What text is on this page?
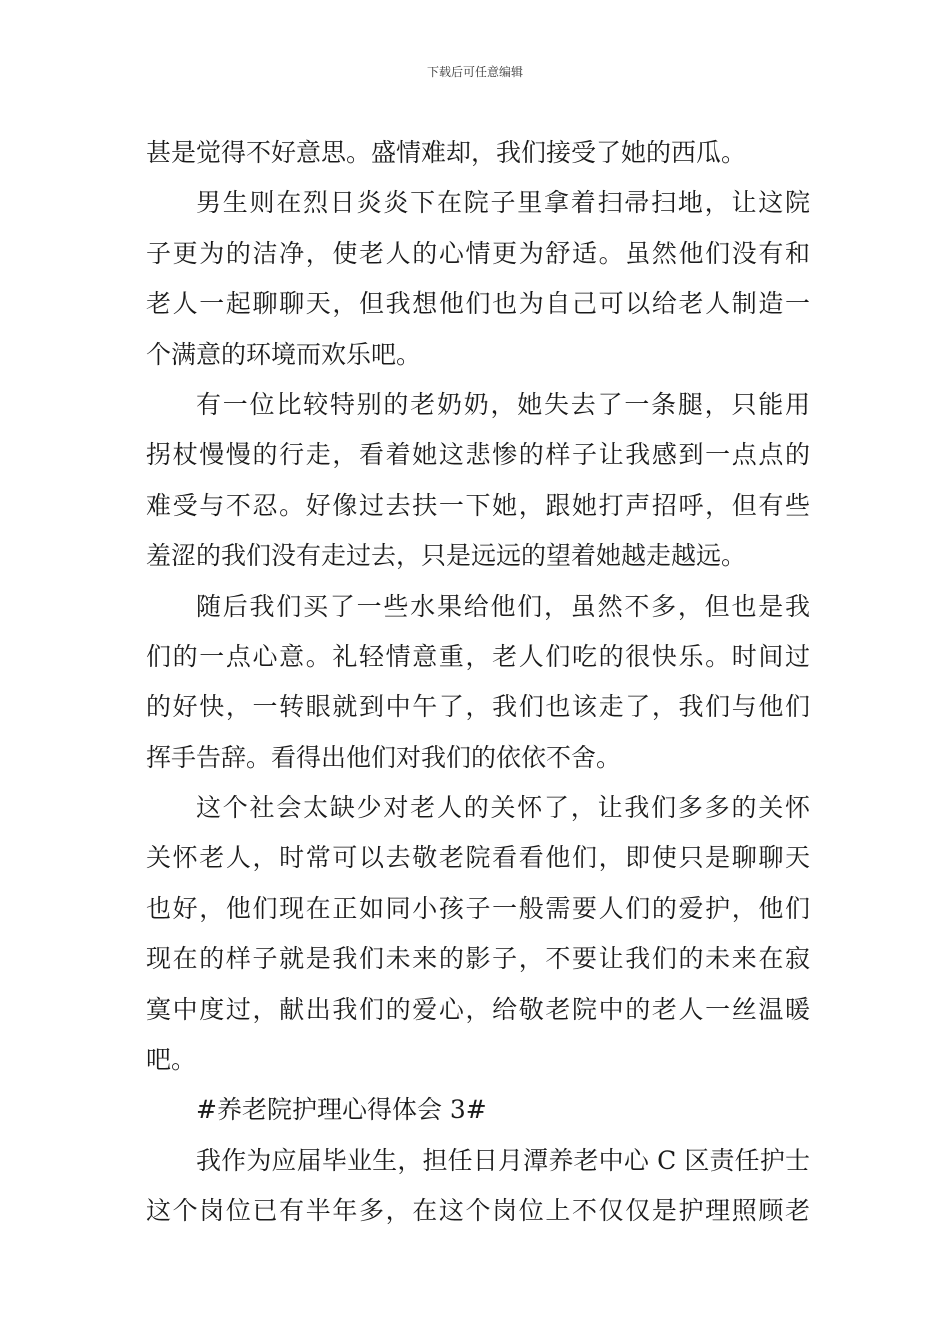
下载后可任意编辑
甚是觉得不好意思。盛情难却，我们接受了她的西瓜。
男生则在烈日炎炎下在院子里拿着扫帚扫地，让这院
子更为的洁净，使老人的心情更为舒适。虽然他们没有和
老人一起聊聊天，但我想他们也为自己可以给老人制造一
个满意的环境而欢乐吧。
有一位比较特别的老奶奶，她失去了一条腿，只能用
拐杖慢慢的行走，看着她这悲惨的样子让我感到一点点的
难受与不忍。好像过去扶一下她，跟她打声招呼，但有些
羞涩的我们没有走过去，只是远远的望着她越走越远。
随后我们买了一些水果给他们，虽然不多，但也是我
们的一点心意。礼轻情意重，老人们吃的很快乐。时间过
的好快，一转眼就到中午了，我们也该走了，我们与他们
挥手告辞。看得出他们对我们的依依不舍。
这个社会太缺少对老人的关怀了，让我们多多的关怀
关怀老人，时常可以去敬老院看看他们，即使只是聊聊天
也好，他们现在正如同小孩子一般需要人们的爱护，他们
现在的样子就是我们未来的影子，不要让我们的未来在寂
寞中度过，献出我们的爱心，给敬老院中的老人一丝温暖
吧。
#养老院护理心得体会 3#
我作为应届毕业生，担任日月潭养老中心 C 区责任护士
这个岗位已有半年多，在这个岗位上不仅仅是护理照顾老
